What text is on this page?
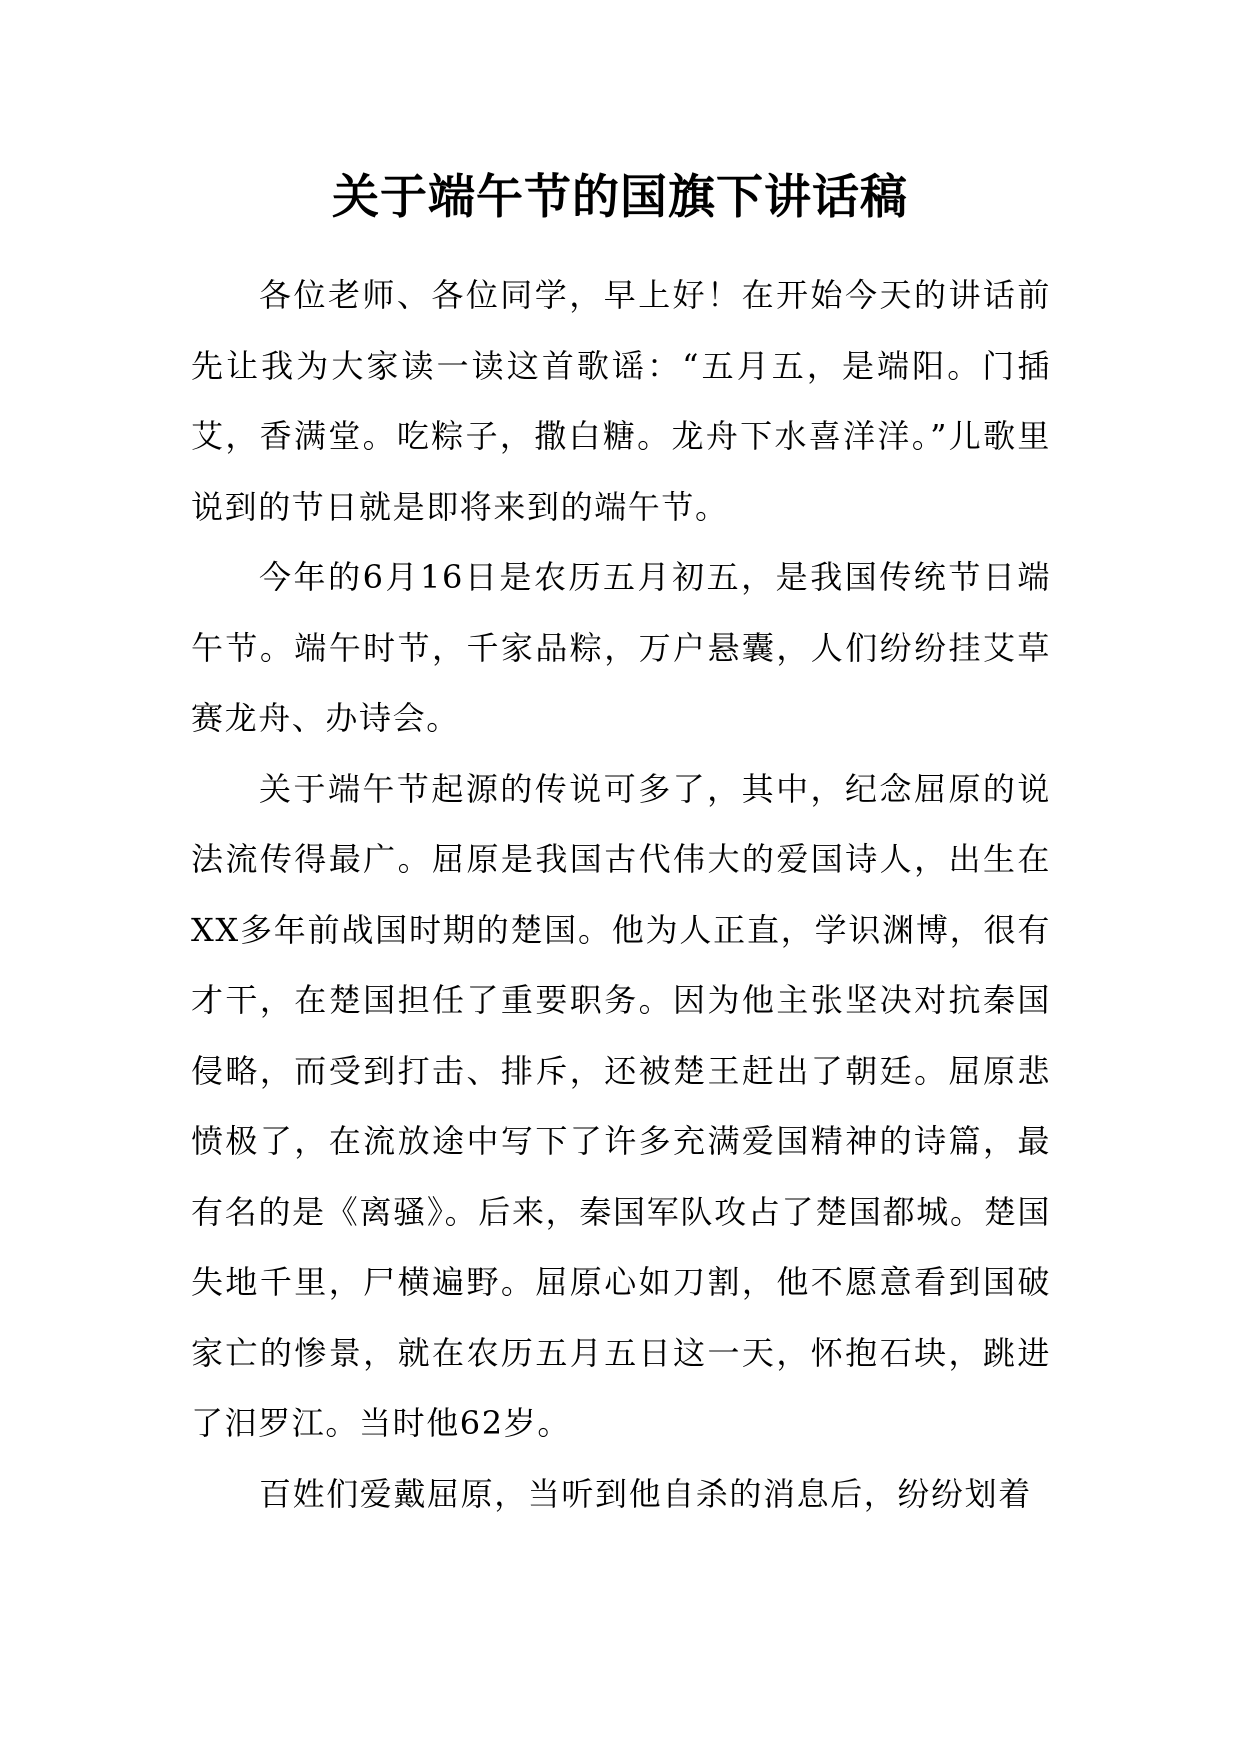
关于端午节的国旗下讲话稿

各位老师、各位同学，早上好！在开始今天的讲话前先让我为大家读一读这首歌谣：“五月五，是端阳。门插艾，香满堂。吃粽子，撒白糖。龙舟下水喜洋洋。”儿歌里说到的节日就是即将来到的端午节。

今年的6月16日是农历五月初五，是我国传统节日端午节。端午时节，千家品粽，万户悬囊，人们纷纷挂艾草赛龙舟、办诗会。

关于端午节起源的传说可多了，其中，纪念屈原的说法流传得最广。屈原是我国古代伟大的爱国诗人，出生在XX多年前战国时期的楚国。他为人正直，学识渊博，很有才干，在楚国担任了重要职务。因为他主张坚决对抗秦国侵略，而受到打击、排斥，还被楚王赶出了朝廷。屈原悲愤极了，在流放途中写下了许多充满爱国精神的诗篇，最有名的是《离骚》。后来，秦国军队攻占了楚国都城。楚国失地千里，尸横遍野。屈原心如刀割，他不愿意看到国破家亡的惨景，就在农历五月五日这一天，怀抱石块，跳进了汨罗江。当时他62岁。

百姓们爱戴屈原，当听到他自杀的消息后，纷纷划着
